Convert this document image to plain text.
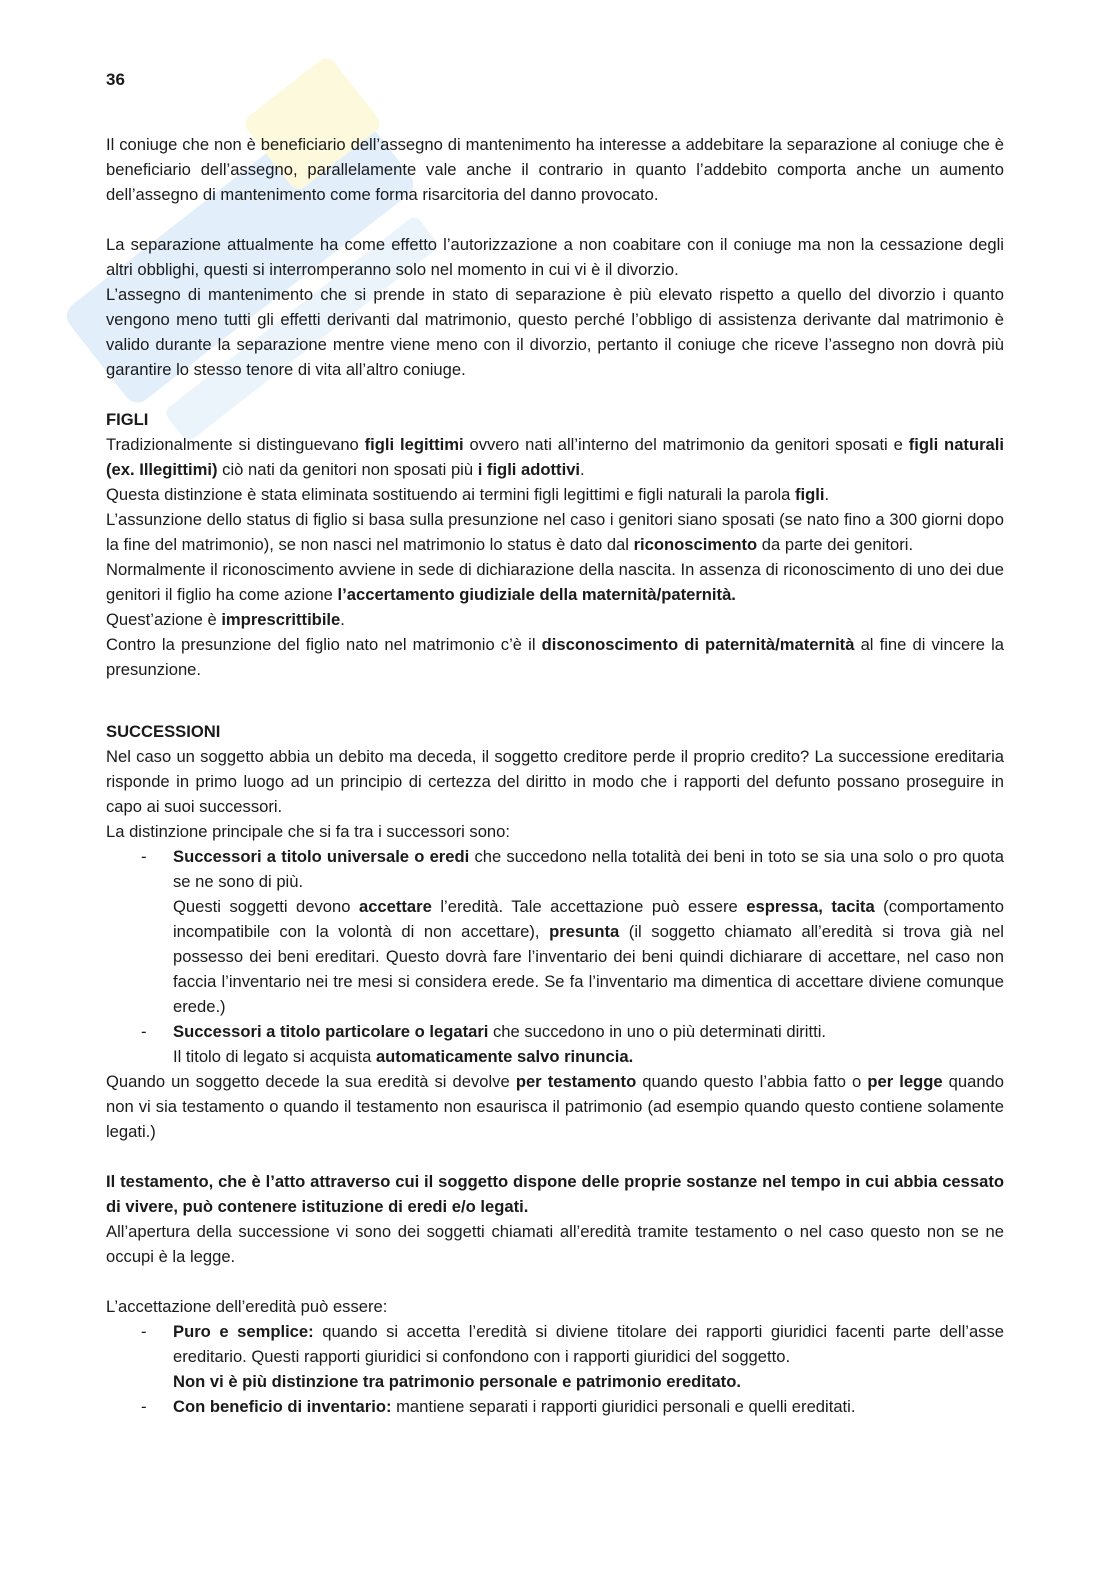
36

Il coniuge che non è beneficiario dell’assegno di mantenimento ha interesse a addebitare la separazione al coniuge che è beneficiario dell’assegno, parallelamente vale anche il contrario in quanto l’addebito comporta anche un aumento dell’assegno di mantenimento come forma risarcitoria del danno provocato.

La separazione attualmente ha come effetto l’autorizzazione a non coabitare con il coniuge ma non la cessazione degli altri obblighi, questi si interromperanno solo nel momento in cui vi è il divorzio.

L’assegno di mantenimento che si prende in stato di separazione è più elevato rispetto a quello del divorzio i quanto vengono meno tutti gli effetti derivanti dal matrimonio, questo perché l’obbligo di assistenza derivante dal matrimonio è valido durante la separazione mentre viene meno con il divorzio, pertanto il coniuge che riceve l’assegno non dovrà più garantire lo stesso tenore di vita all’altro coniuge.

FIGLI

Tradizionalmente si distinguevano figli legittimi ovvero nati all’interno del matrimonio da genitori sposati e figli naturali (ex. Illegittimi) ciò nati da genitori non sposati più i figli adottivi.

Questa distinzione è stata eliminata sostituendo ai termini figli legittimi e figli naturali la parola figli.

L’assunzione dello status di figlio si basa sulla presunzione nel caso i genitori siano sposati (se nato fino a 300 giorni dopo la fine del matrimonio), se non nasci nel matrimonio lo status è dato dal riconoscimento da parte dei genitori.

Normalmente il riconoscimento avviene in sede di dichiarazione della nascita. In assenza di riconoscimento di uno dei due genitori il figlio ha come azione l’accertamento giudiziale della maternità/paternità.

Quest’azione è imprescrittibile.

Contro la presunzione del figlio nato nel matrimonio c’è il disconoscimento di paternità/maternità al fine di vincere la presunzione.

SUCCESSIONI

Nel caso un soggetto abbia un debito ma deceda, il soggetto creditore perde il proprio credito? La successione ereditaria risponde in primo luogo ad un principio di certezza del diritto in modo che i rapporti del defunto possano proseguire in capo ai suoi successori.

La distinzione principale che si fa tra i successori sono:

- Successori a titolo universale o eredi che succedono nella totalità dei beni in toto se sia una solo o pro quota se ne sono di più.

Questi soggetti devono accettare l’eredità. Tale accettazione può essere espressa, tacita (comportamento incompatibile con la volontà di non accettare), presunta (il soggetto chiamato all’eredità si trova già nel possesso dei beni ereditari. Questo dovrà fare l’inventario dei beni quindi dichiarare di accettare, nel caso non faccia l’inventario nei tre mesi si considera erede. Se fa l’inventario ma dimentica di accettare diviene comunque erede.)

- Successori a titolo particolare o legatari che succedono in uno o più determinati diritti.

Il titolo di legato si acquista automaticamente salvo rinuncia.

Quando un soggetto decede la sua eredità si devolve per testamento quando questo l’abbia fatto o per legge quando non vi sia testamento o quando il testamento non esaurisca il patrimonio (ad esempio quando questo contiene solamente legati.)

Il testamento, che è l’atto attraverso cui il soggetto dispone delle proprie sostanze nel tempo in cui abbia cessato di vivere, può contenere istituzione di eredi e/o legati.

All’apertura della successione vi sono dei soggetti chiamati all’eredità tramite testamento o nel caso questo non se ne occupi è la legge.

L’accettazione dell’eredità può essere:

- Puro e semplice: quando si accetta l’eredità si diviene titolare dei rapporti giuridici facenti parte dell’asse ereditario. Questi rapporti giuridici si confondono con i rapporti giuridici del soggetto.

Non vi è più distinzione tra patrimonio personale e patrimonio ereditato.

- Con beneficio di inventario: mantiene separati i rapporti giuridici personali e quelli ereditati.
